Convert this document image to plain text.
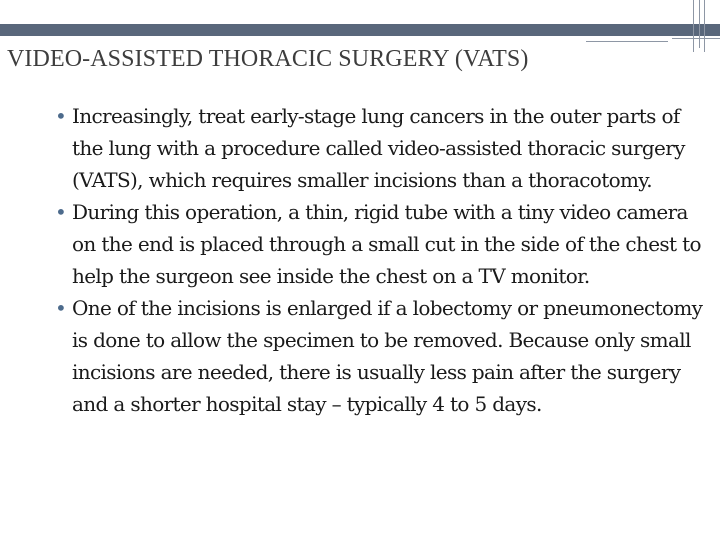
VIDEO-ASSISTED THORACIC SURGERY (VATS)
• Increasingly, treat early-stage lung cancers in the outer parts of the lung with a procedure called video-assisted thoracic surgery (VATS), which requires smaller incisions than a thoracotomy.
• During this operation, a thin, rigid tube with a tiny video camera on the end is placed through a small cut in the side of the chest to help the surgeon see inside the chest on a TV monitor.
• One of the incisions is enlarged if a lobectomy or pneumonectomy is done to allow the specimen to be removed. Because only small incisions are needed, there is usually less pain after the surgery and a shorter hospital stay – typically 4 to 5 days.
